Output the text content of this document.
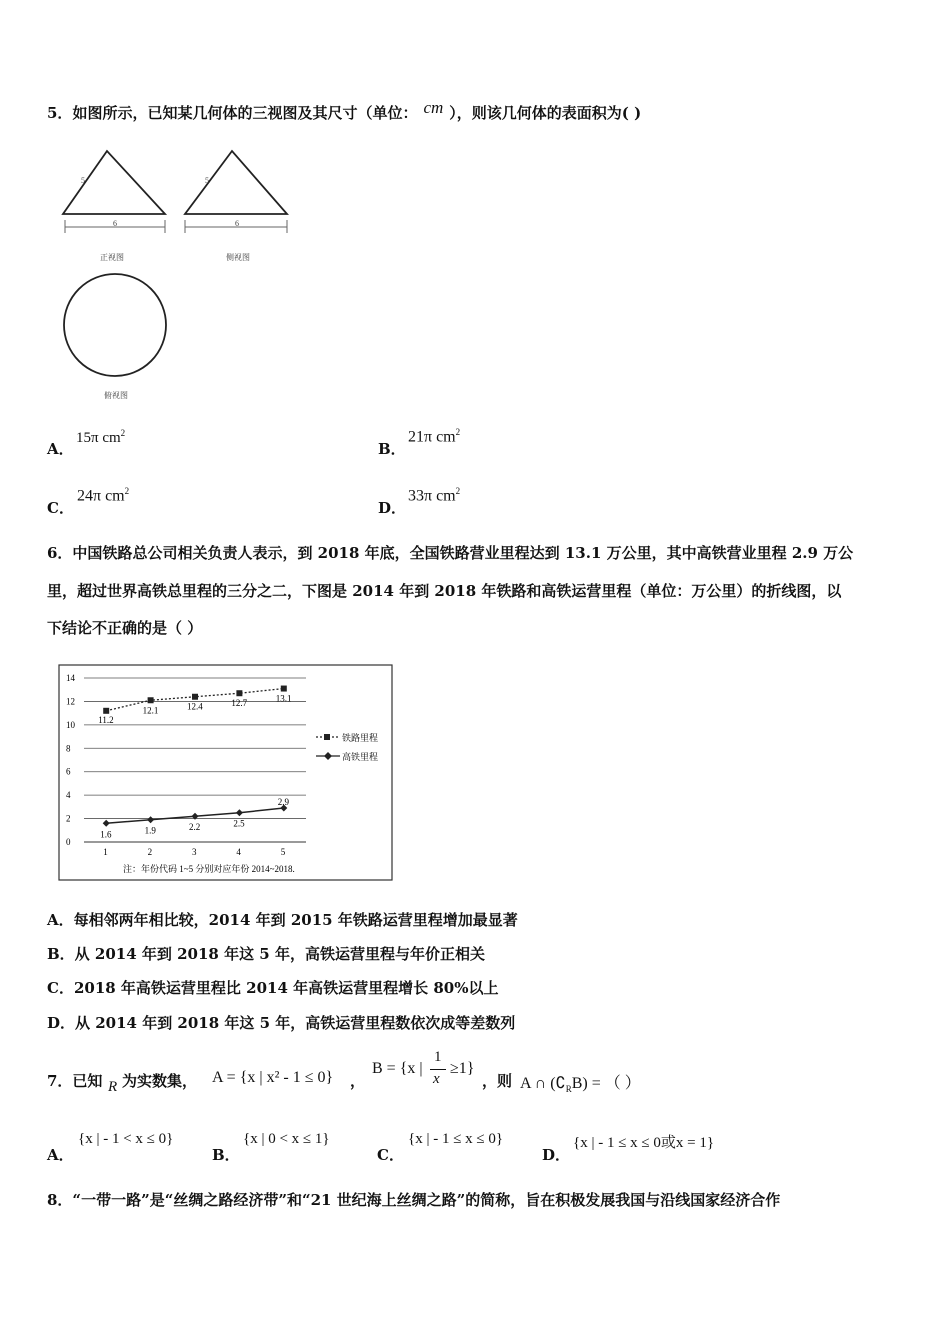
5．如图所示，已知某几何体的三视图及其尺寸（单位： cm ），则该几何体的表面积为( )
6
5
6
5
正视图	侧视图
俯视图
A．
15π $cm^2$
B．
21π $cm^2$
C．
24π $cm^2$
D．
33π $cm^2$
6．中国铁路总公司相关负责人表示，到 2018 年底，全国铁路营业里程达到 13.1 万公里，其中高铁营业里程 2.9 万公
里，超过世界高铁总里程的三分之二，下图是 2014 年到 2018 年铁路和高铁运营里程（单位：万公里）的折线图，以
下结论不正确的是（ ）
0
2
4
6
8
10
12
14
1	2	3	4	5
11.2
12.1	12.4	12.7	13.1
1.6	1.9	2.2	2.5
2.9
铁路里程
高铁里程
注：年份代码 1~5 分别对应年份 2014~2018.
A．每相邻两年相比较，2014 年到 2015 年铁路运营里程增加最显著
B．从 2014 年到 2018 年这 5 年，高铁运营里程与年价正相关
C．2018 年高铁运营里程比 2014 年高铁运营里程增长 80%以上
D．从 2014 年到 2018 年这 5 年，高铁运营里程数依次成等差数列
7．已知 R 为实数集， A = {x | x² - 1 ≤ 0} ，
B = {x |
1
x
≥1}
，则 A ∩ $(∁_RB)$ = （ ）
A．
{x | - 1 < x ≤ 0}
B．
{x | 0 < x ≤ 1}
C．
{x | - 1 ≤ x ≤ 0}
D．
{x | - 1 ≤ x ≤ 0或x = 1}
8．“一带一路”是“丝绸之路经济带”和“21 世纪海上丝绸之路”的简称，旨在积极发展我国与沿线国家经济合作
